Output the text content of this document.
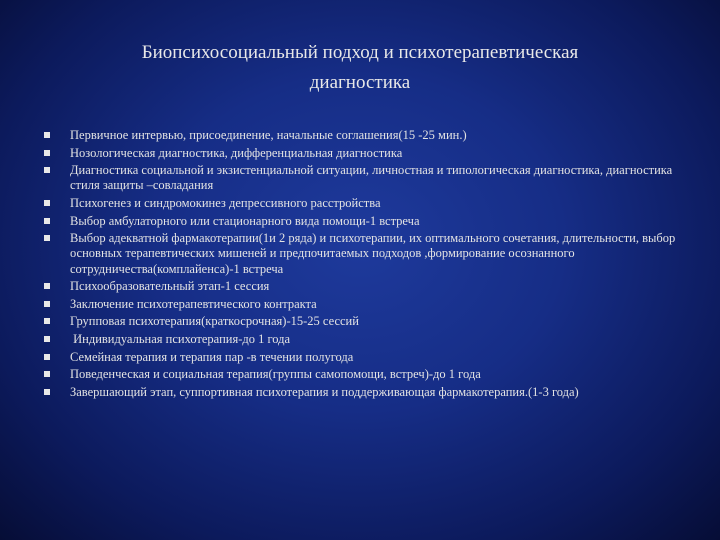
Биопсихосоциальный подход и психотерапевтическая
диагностика
Первичное интервью, присоединение, начальные соглашения(15 -25 мин.)
Нозологическая диагностика, дифференциальная диагностика
Диагностика социальной и экзистенциальной ситуации, личностная и типологическая диагностика, диагностика стиля защиты –совладания
Психогенез и синдромокинез депрессивного расстройства
Выбор амбулаторного или стационарного вида помощи-1 встреча
Выбор адекватной фармакотерапии(1и 2 ряда) и психотерапии, их оптимального сочетания, длительности, выбор основных терапевтических мишеней и предпочитаемых подходов ,формирование осознанного сотрудничества(комплайенса)-1 встреча
Психообразовательный этап-1 сессия
Заключение психотерапевтического контракта
Групповая психотерапия(краткосрочная)-15-25 сессий
Индивидуальная психотерапия-до 1 года
Семейная терапия и терапия пар -в течении полугода
Поведенческая и социальная терапия(группы самопомощи, встреч)-до 1 года
Завершающий этап, суппортивная психотерапия и поддерживающая фармакотерапия.(1-3 года)
